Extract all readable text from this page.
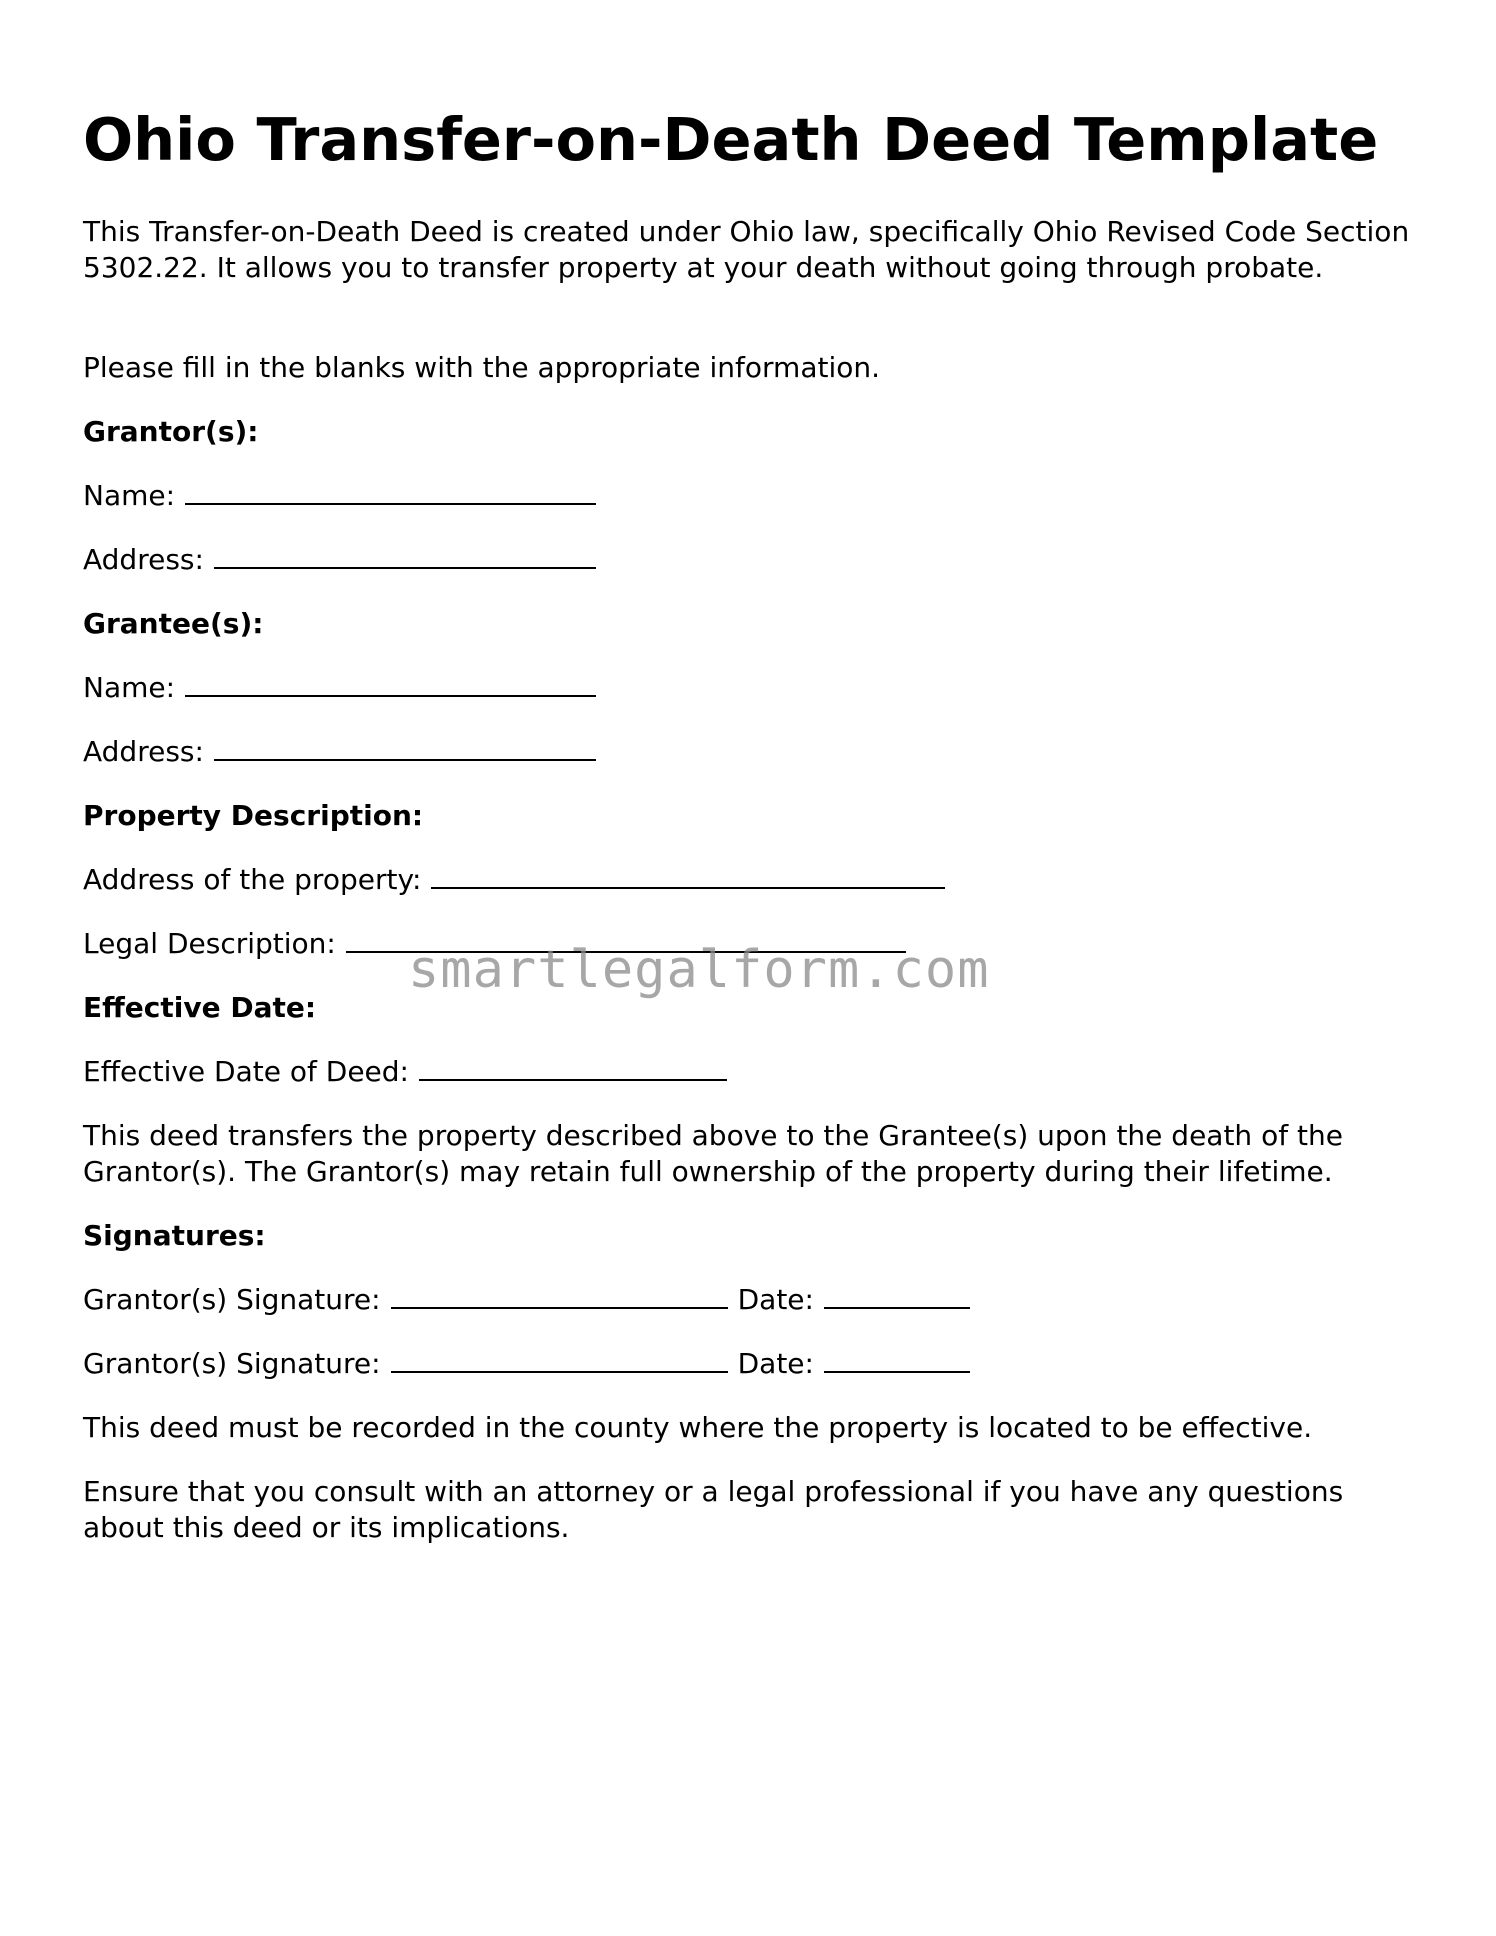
Ohio Transfer-on-Death Deed Template

This Transfer-on-Death Deed is created under Ohio law, specifically Ohio Revised Code Section 5302.22. It allows you to transfer property at your death without going through probate.

Please fill in the blanks with the appropriate information.

Grantor(s):

Name:

Address:

Grantee(s):

Name:

Address:

Property Description:

Address of the property:

Legal Description:

Effective Date:

Effective Date of Deed:

This deed transfers the property described above to the Grantee(s) upon the death of the Grantor(s). The Grantor(s) may retain full ownership of the property during their lifetime.

Signatures:

Grantor(s) Signature:	Date:

Grantor(s) Signature:	Date:

This deed must be recorded in the county where the property is located to be effective.

Ensure that you consult with an attorney or a legal professional if you have any questions about this deed or its implications.

smartlegalform.com
